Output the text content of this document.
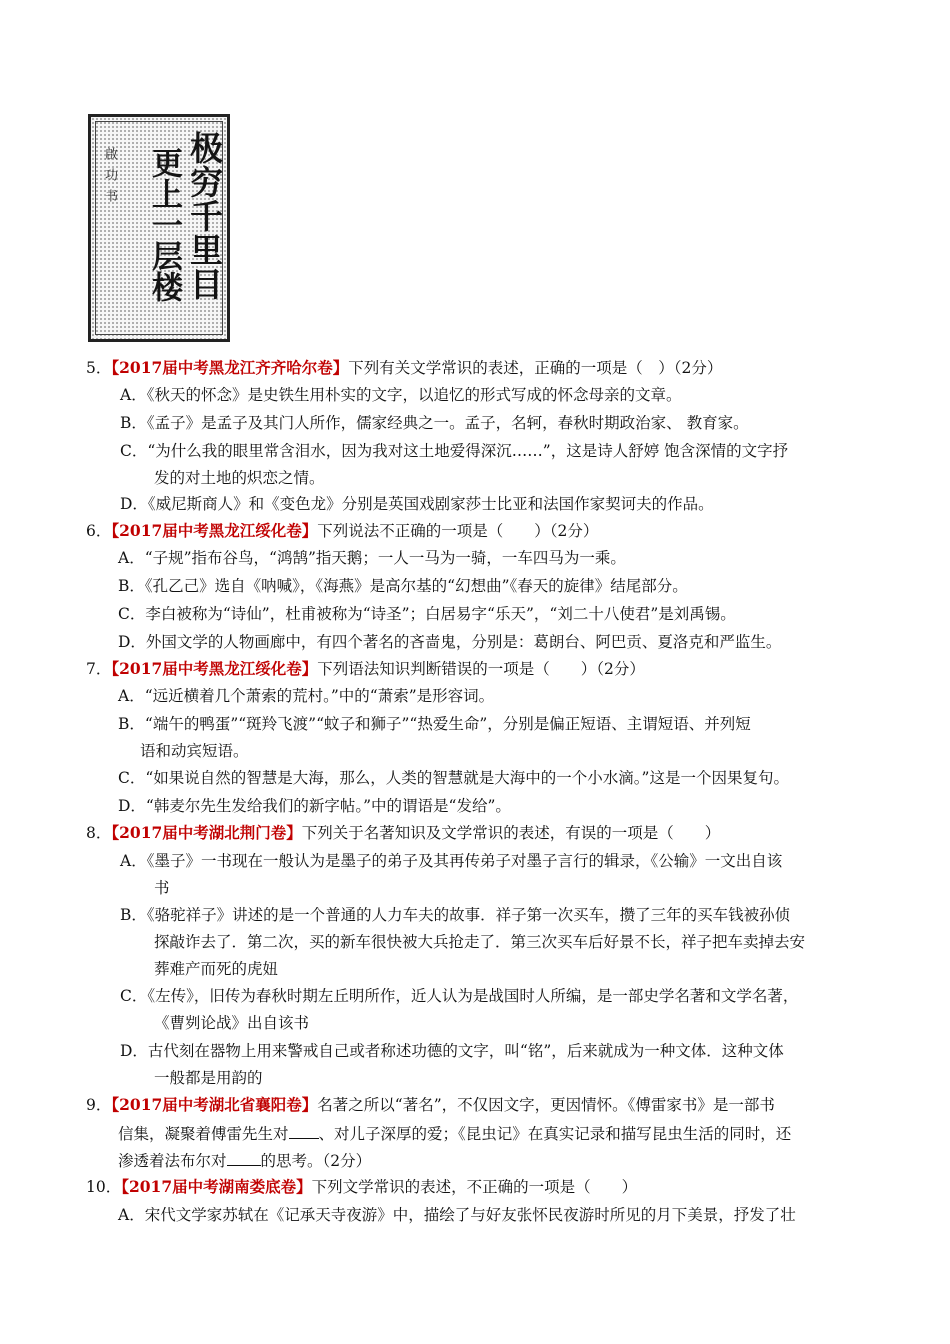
极穷千里目
更上一层楼
啟功书
5．【2017届中考黑龙江齐齐哈尔卷】下列有关文学常识的表述，正确的一项是（　）（2分）
A．《秋天的怀念》是史铁生用朴实的文字，以追忆的形式写成的怀念母亲的文章。
B．《孟子》是孟子及其门人所作，儒家经典之一。孟子，名轲，春秋时期政治家、 教育家。
C．“为什么我的眼里常含泪水，因为我对这土地爱得深沉……”，这是诗人舒婷 饱含深情的文字抒
发的对土地的炽恋之情。
D．《威尼斯商人》和《变色龙》分别是英国戏剧家莎士比亚和法国作家契诃夫的作品。
6．【2017届中考黑龙江绥化卷】下列说法不正确的一项是（　　）（2分）
A．“子规”指布谷鸟，“鸿鹄”指天鹅；一人一马为一骑，一车四马为一乘。
B．《孔乙己》选自《呐喊》，《海燕》是高尔基的“幻想曲”《春天的旋律》结尾部分。
C．李白被称为“诗仙”，杜甫被称为“诗圣”；白居易字“乐天”，“刘二十八使君”是刘禹锡。
D．外国文学的人物画廊中，有四个著名的吝啬鬼，分别是：葛朗台、阿巴贡、夏洛克和严监生。
7．【2017届中考黑龙江绥化卷】下列语法知识判断错误的一项是（　　）（2分）
A．“远近横着几个萧索的荒村。”中的“萧索”是形容词。
B．“端午的鸭蛋”“斑羚飞渡”“蚊子和狮子”“热爱生命”，分别是偏正短语、主谓短语、并列短
语和动宾短语。
C．“如果说自然的智慧是大海，那么，人类的智慧就是大海中的一个小水滴。”这是一个因果复句。
D．“韩麦尔先生发给我们的新字帖。”中的谓语是“发给”。
8．【2017届中考湖北荆门卷】下列关于名著知识及文学常识的表述，有误的一项是（　　）
A．《墨子》一书现在一般认为是墨子的弟子及其再传弟子对墨子言行的辑录，《公输》一文出自该
书
B．《骆驼祥子》讲述的是一个普通的人力车夫的故事．祥子第一次买车，攒了三年的买车钱被孙侦
探敲诈去了．第二次，买的新车很快被大兵抢走了．第三次买车后好景不长，祥子把车卖掉去安
葬难产而死的虎妞
C．《左传》，旧传为春秋时期左丘明所作，近人认为是战国时人所编，是一部史学名著和文学名著，
《曹刿论战》出自该书
D．古代刻在器物上用来警戒自己或者称述功德的文字，叫“铭”，后来就成为一种文体．这种文体
一般都是用韵的
9．【2017届中考湖北省襄阳卷】名著之所以“著名”，不仅因文字，更因情怀。《傅雷家书》是一部书
信集，凝聚着傅雷先生对 、对儿子深厚的爱；《昆虫记》在真实记录和描写昆虫生活的同时，还
渗透着法布尔对 的思考。（2分）
10．【2017届中考湖南娄底卷】下列文学常识的表述，不正确的一项是（　　）
A．宋代文学家苏轼在《记承天寺夜游》中，描绘了与好友张怀民夜游时所见的月下美景，抒发了壮
